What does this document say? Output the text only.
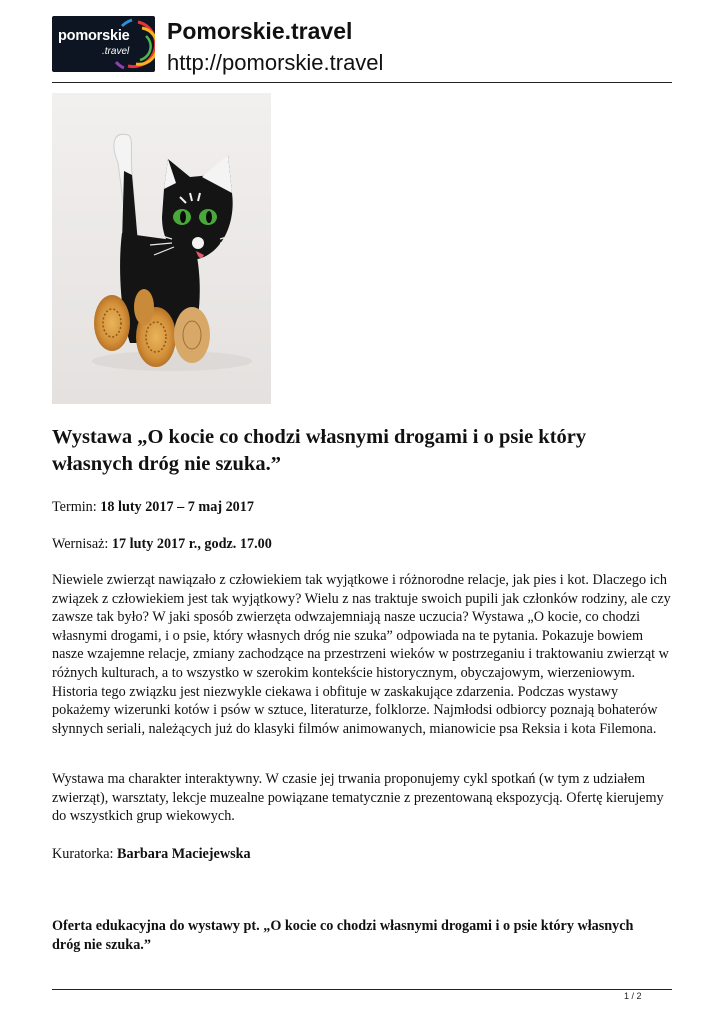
pomorskie
.travel
Pomorskie.travel
http://pomorskie.travel
Wystawa „O kocie co chodzi własnymi drogami i o psie który własnych dróg nie szuka.”

Termin: 18 luty 2017 – 7 maj 2017

Wernisaż: 17 luty 2017 r., godz. 17.00

Niewiele zwierząt nawiązało z człowiekiem tak wyjątkowe i różnorodne relacje, jak pies i kot. Dlaczego ich związek z człowiekiem jest tak wyjątkowy? Wielu z nas traktuje swoich pupili jak członków rodziny, ale czy zawsze tak było? W jaki sposób zwierzęta odwzajemniają nasze uczucia? Wystawa „O kocie, co chodzi własnymi drogami, i o psie, który własnych dróg nie szuka” odpowiada na te pytania. Pokazuje bowiem nasze wzajemne relacje, zmiany zachodzące na przestrzeni wieków w postrzeganiu i traktowaniu zwierząt w różnych kulturach, a to wszystko w szerokim kontekście historycznym, obyczajowym, wierzeniowym. Historia tego związku jest niezwykle ciekawa i obfituje w zaskakujące zdarzenia. Podczas wystawy pokażemy wizerunki kotów i psów w sztuce, literaturze, folklorze. Najmłodsi odbiorcy poznają bohaterów słynnych seriali, należących już do klasyki filmów animowanych, mianowicie psa Reksia i kota Filemona.

Wystawa ma charakter interaktywny. W czasie jej trwania proponujemy cykl spotkań (w tym z udziałem zwierząt), warsztaty, lekcje muzealne powiązane tematycznie z prezentowaną ekspozycją. Ofertę kierujemy do wszystkich grup wiekowych.

Kuratorka: Barbara Maciejewska

Oferta edukacyjna do wystawy pt. „O kocie co chodzi własnymi drogami i o psie który własnych dróg nie szuka.”

1 / 2
